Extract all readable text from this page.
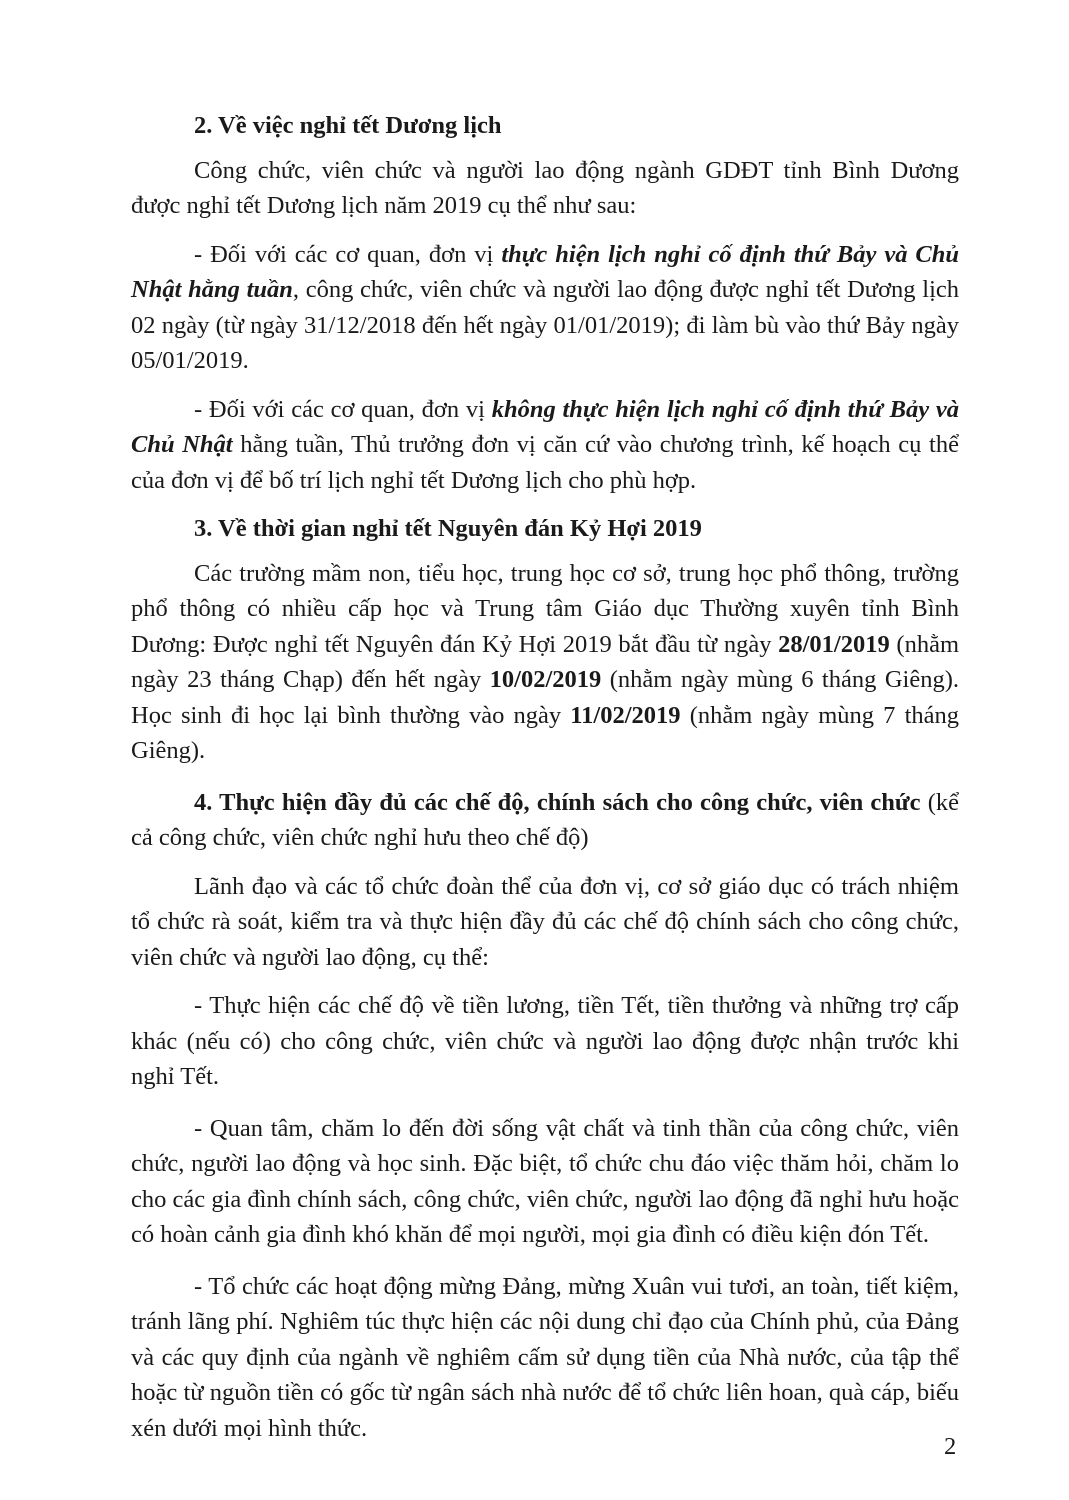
2. Về việc nghỉ tết Dương lịch

Công chức, viên chức và người lao động ngành GDĐT tỉnh Bình Dương được nghỉ tết Dương lịch năm 2019 cụ thể như sau:

- Đối với các cơ quan, đơn vị thực hiện lịch nghỉ cố định thứ Bảy và Chủ Nhật hằng tuần, công chức, viên chức và người lao động được nghỉ tết Dương lịch 02 ngày (từ ngày 31/12/2018 đến hết ngày 01/01/2019); đi làm bù vào thứ Bảy ngày 05/01/2019.

- Đối với các cơ quan, đơn vị không thực hiện lịch nghỉ cố định thứ Bảy và Chủ Nhật hằng tuần, Thủ trưởng đơn vị căn cứ vào chương trình, kế hoạch cụ thể của đơn vị để bố trí lịch nghỉ tết Dương lịch cho phù hợp.

3. Về thời gian nghỉ tết Nguyên đán Kỷ Hợi 2019

Các trường mầm non, tiểu học, trung học cơ sở, trung học phổ thông, trường phổ thông có nhiều cấp học và Trung tâm Giáo dục Thường xuyên tỉnh Bình Dương: Được nghỉ tết Nguyên đán Kỷ Hợi 2019 bắt đầu từ ngày 28/01/2019 (nhằm ngày 23 tháng Chạp) đến hết ngày 10/02/2019 (nhằm ngày mùng 6 tháng Giêng). Học sinh đi học lại bình thường vào ngày 11/02/2019 (nhằm ngày mùng 7 tháng Giêng).

4. Thực hiện đầy đủ các chế độ, chính sách cho công chức, viên chức (kể cả công chức, viên chức nghỉ hưu theo chế độ)

Lãnh đạo và các tổ chức đoàn thể của đơn vị, cơ sở giáo dục có trách nhiệm tổ chức rà soát, kiểm tra và thực hiện đầy đủ các chế độ chính sách cho công chức, viên chức và người lao động, cụ thể:

- Thực hiện các chế độ về tiền lương, tiền Tết, tiền thưởng và những trợ cấp khác (nếu có) cho công chức, viên chức và người lao động được nhận trước khi nghỉ Tết.

- Quan tâm, chăm lo đến đời sống vật chất và tinh thần của công chức, viên chức, người lao động và học sinh. Đặc biệt, tổ chức chu đáo việc thăm hỏi, chăm lo cho các gia đình chính sách, công chức, viên chức, người lao động đã nghỉ hưu hoặc có hoàn cảnh gia đình khó khăn để mọi người, mọi gia đình có điều kiện đón Tết.

- Tổ chức các hoạt động mừng Đảng, mừng Xuân vui tươi, an toàn, tiết kiệm, tránh lãng phí. Nghiêm túc thực hiện các nội dung chỉ đạo của Chính phủ, của Đảng và các quy định của ngành về nghiêm cấm sử dụng tiền của Nhà nước, của tập thể hoặc từ nguồn tiền có gốc từ ngân sách nhà nước để tổ chức liên hoan, quà cáp, biếu xén dưới mọi hình thức.

2
